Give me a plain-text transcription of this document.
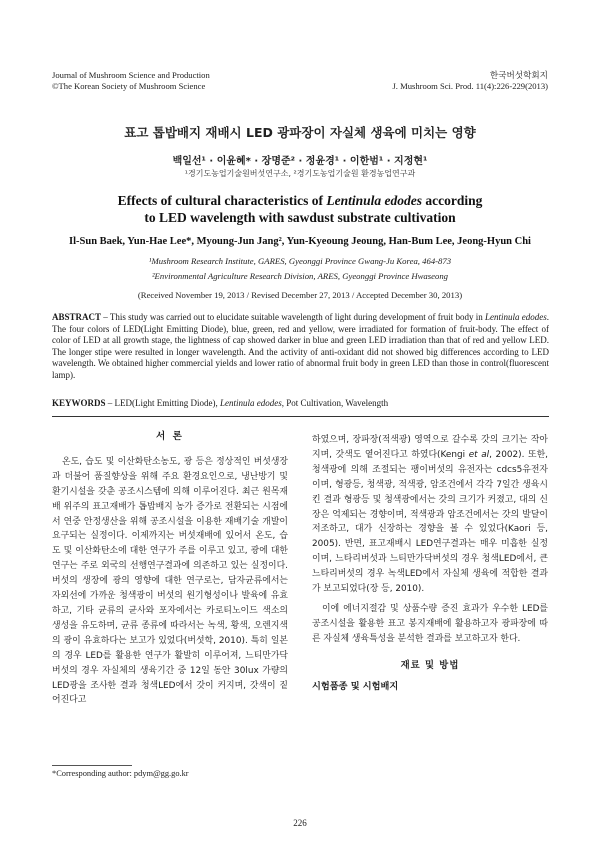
Journal of Mushroom Science and Production
©The Korean Society of Mushroom Science
한국버섯학회지
J. Mushroom Sci. Prod. 11(4):226-229(2013)
표고 톱밥배지 재배시 LED 광파장이 자실체 생육에 미치는 영향
백일선¹ · 이윤혜* · 장명준² · 정윤경¹ · 이한범¹ · 지정현¹
¹경기도농업기술원버섯연구소, ²경기도농업기술원 환경농업연구과
Effects of cultural characteristics of Lentinula edodes according
to LED wavelength with sawdust substrate cultivation
Il-Sun Baek, Yun-Hae Lee*, Myoung-Jun Jang², Yun-Kyeoung Jeoung, Han-Bum Lee, Jeong-Hyun Chi
¹Mushroom Research Institute, GARES, Gyeonggi Province Gwang-Ju Korea, 464-873
²Environmental Agriculture Research Division, ARES, Gyeonggi Province Hwaseong
(Received November 19, 2013 / Revised December 27, 2013 / Accepted December 30, 2013)
ABSTRACT – This study was carried out to elucidate suitable wavelength of light during development of fruit body in Lentinula edodes. The four colors of LED(Light Emitting Diode), blue, green, red and yellow, were irradiated for formation of fruit-body. The effect of color of LED at all growth stage, the lightness of cap showed darker in blue and green LED irradiation than that of red and yellow LED. The longer stipe were resulted in longer wavelength. And the activity of anti-oxidant did not showed big differences according to LED wavelength. We obtained higher commercial yields and lower ratio of abnormal fruit body in green LED than those in control(fluorescent lamp).
KEYWORDS – LED(Light Emitting Diode), Lentinula edodes, Pot Cultivation, Wavelength
서 론

온도, 습도 및 이산화탄소농도, 광 등은 정상적인 버섯생장과 더불어 품질향상을 위해 주요 환경요인으로, 냉난방기 및 환기시설을 갖춘 공조시스템에 의해 이루어진다. 최근 원목재배 위주의 표고재배가 톱밥배지 농가 증가로 전환되는 시점에서 연중 안정생산을 위해 공조시설을 이용한 재배기술 개발이 요구되는 실정이다. 이제까지는 버섯재배에 있어서 온도, 습도 및 이산화탄소에 대한 연구가 주를 이루고 있고, 광에 대한 연구는 주로 외국의 선행연구결과에 의존하고 있는 실정이다. 버섯의 생장에 광의 영향에 대한 연구로는, 담자균류에서는 자외선에 가까운 청색광이 버섯의 원기형성이나 발육에 유효하고, 기타 균류의 균사와 포자에서는 카로티노이드 색소의 생성을 유도하며, 균류 종류에 따라서는 녹색, 황색, 오렌지색의 광이 유효하다는 보고가 있었다(버섯학, 2010). 특히 일본의 경우 LED를 활용한 연구가 활발히 이루어져, 느티만가닥버섯의 경우 자실체의 생육기간 중 12일 동안 30lux 가량의 LED광을 조사한 결과 청색LED에서 갓이 커지며, 갓색이 짙어진다고

하였으며, 장파장(적색광) 영역으로 갈수록 갓의 크기는 작아지며, 갓색도 옅어진다고 하였다(Kengi et al, 2002). 또한, 청색광에 의해 조절되는 팽이버섯의 유전자는 cdcs5유전자이며, 형광등, 청색광, 적색광, 암조건에서 각각 7일간 생육시킨 결과 형광등 및 청색광에서는 갓의 크기가 커졌고, 대의 신장은 억제되는 경향이며, 적색광과 암조건에서는 갓의 발달이 저조하고, 대가 신장하는 경향을 볼 수 있었다(Kaori 등, 2005). 반면, 표고재배시 LED연구결과는 매우 미흡한 실정이며, 느타리버섯과 느티만가닥버섯의 경우 청색LED에서, 큰느타리버섯의 경우 녹색LED에서 자실체 생육에 적합한 결과가 보고되었다(장 등, 2010).

이에 에너지절감 및 상품수량 증진 효과가 우수한 LED를 공조시설을 활용한 표고 봉지재배에 활용하고자 광파장에 따른 자실체 생육특성을 분석한 결과를 보고하고자 한다.

재료 및 방법
시험품종 및 시험배지
*Corresponding author: pdym@gg.go.kr
226
